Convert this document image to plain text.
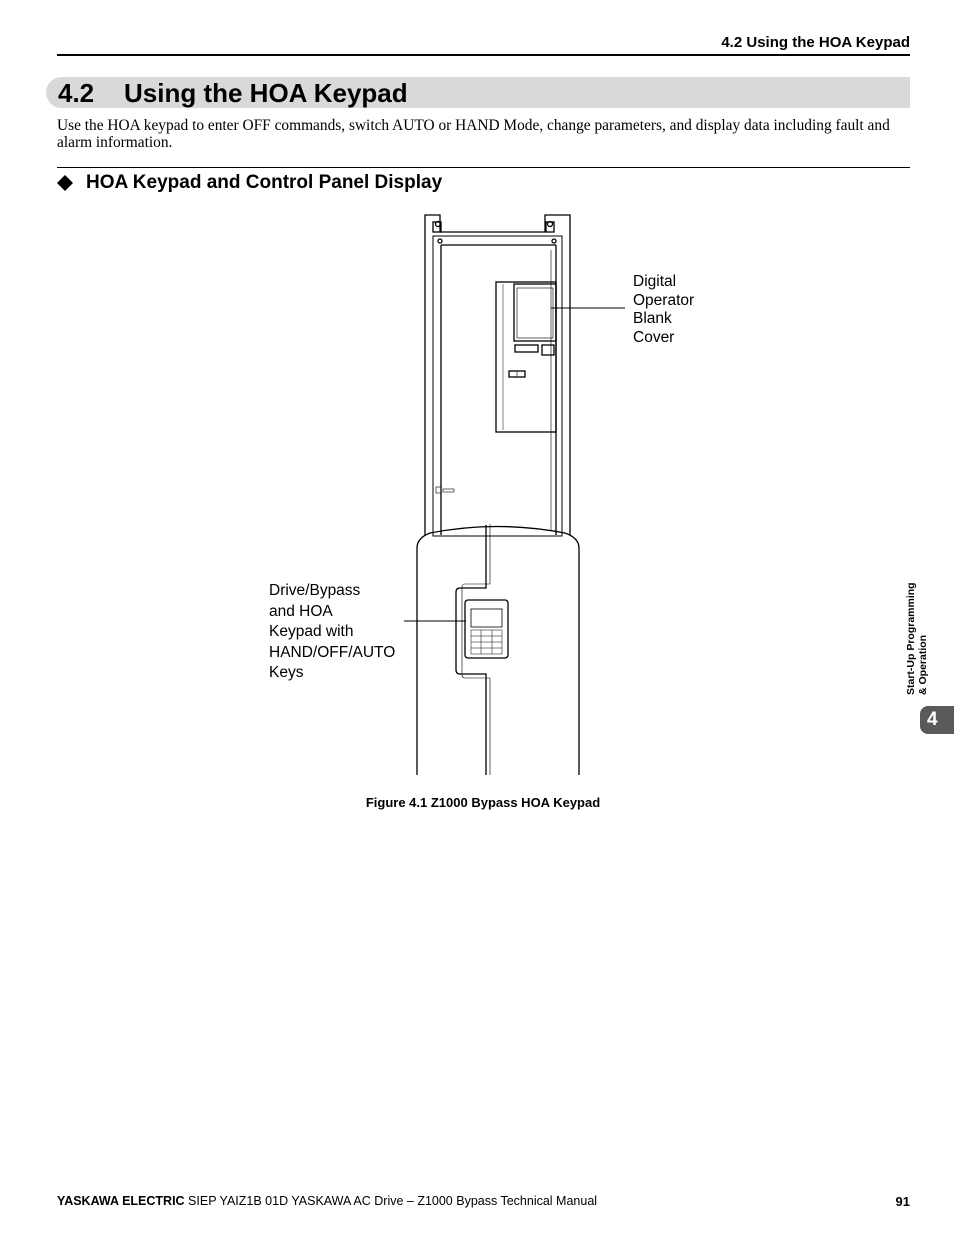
4.2 Using the HOA Keypad
4.2 Using the HOA Keypad
Use the HOA keypad to enter OFF commands, switch AUTO or HAND Mode, change parameters, and display data including fault and alarm information.
HOA Keypad and Control Panel Display
Digital
Operator
Blank
Cover
Drive/Bypass
and HOA
Keypad with
HAND/OFF/AUTO
Keys
Figure 4.1 Z1000 Bypass HOA Keypad
Start-Up Programming
& Operation
4
YASKAWA ELECTRIC SIEP YAIZ1B 01D YASKAWA AC Drive – Z1000 Bypass Technical Manual	91
